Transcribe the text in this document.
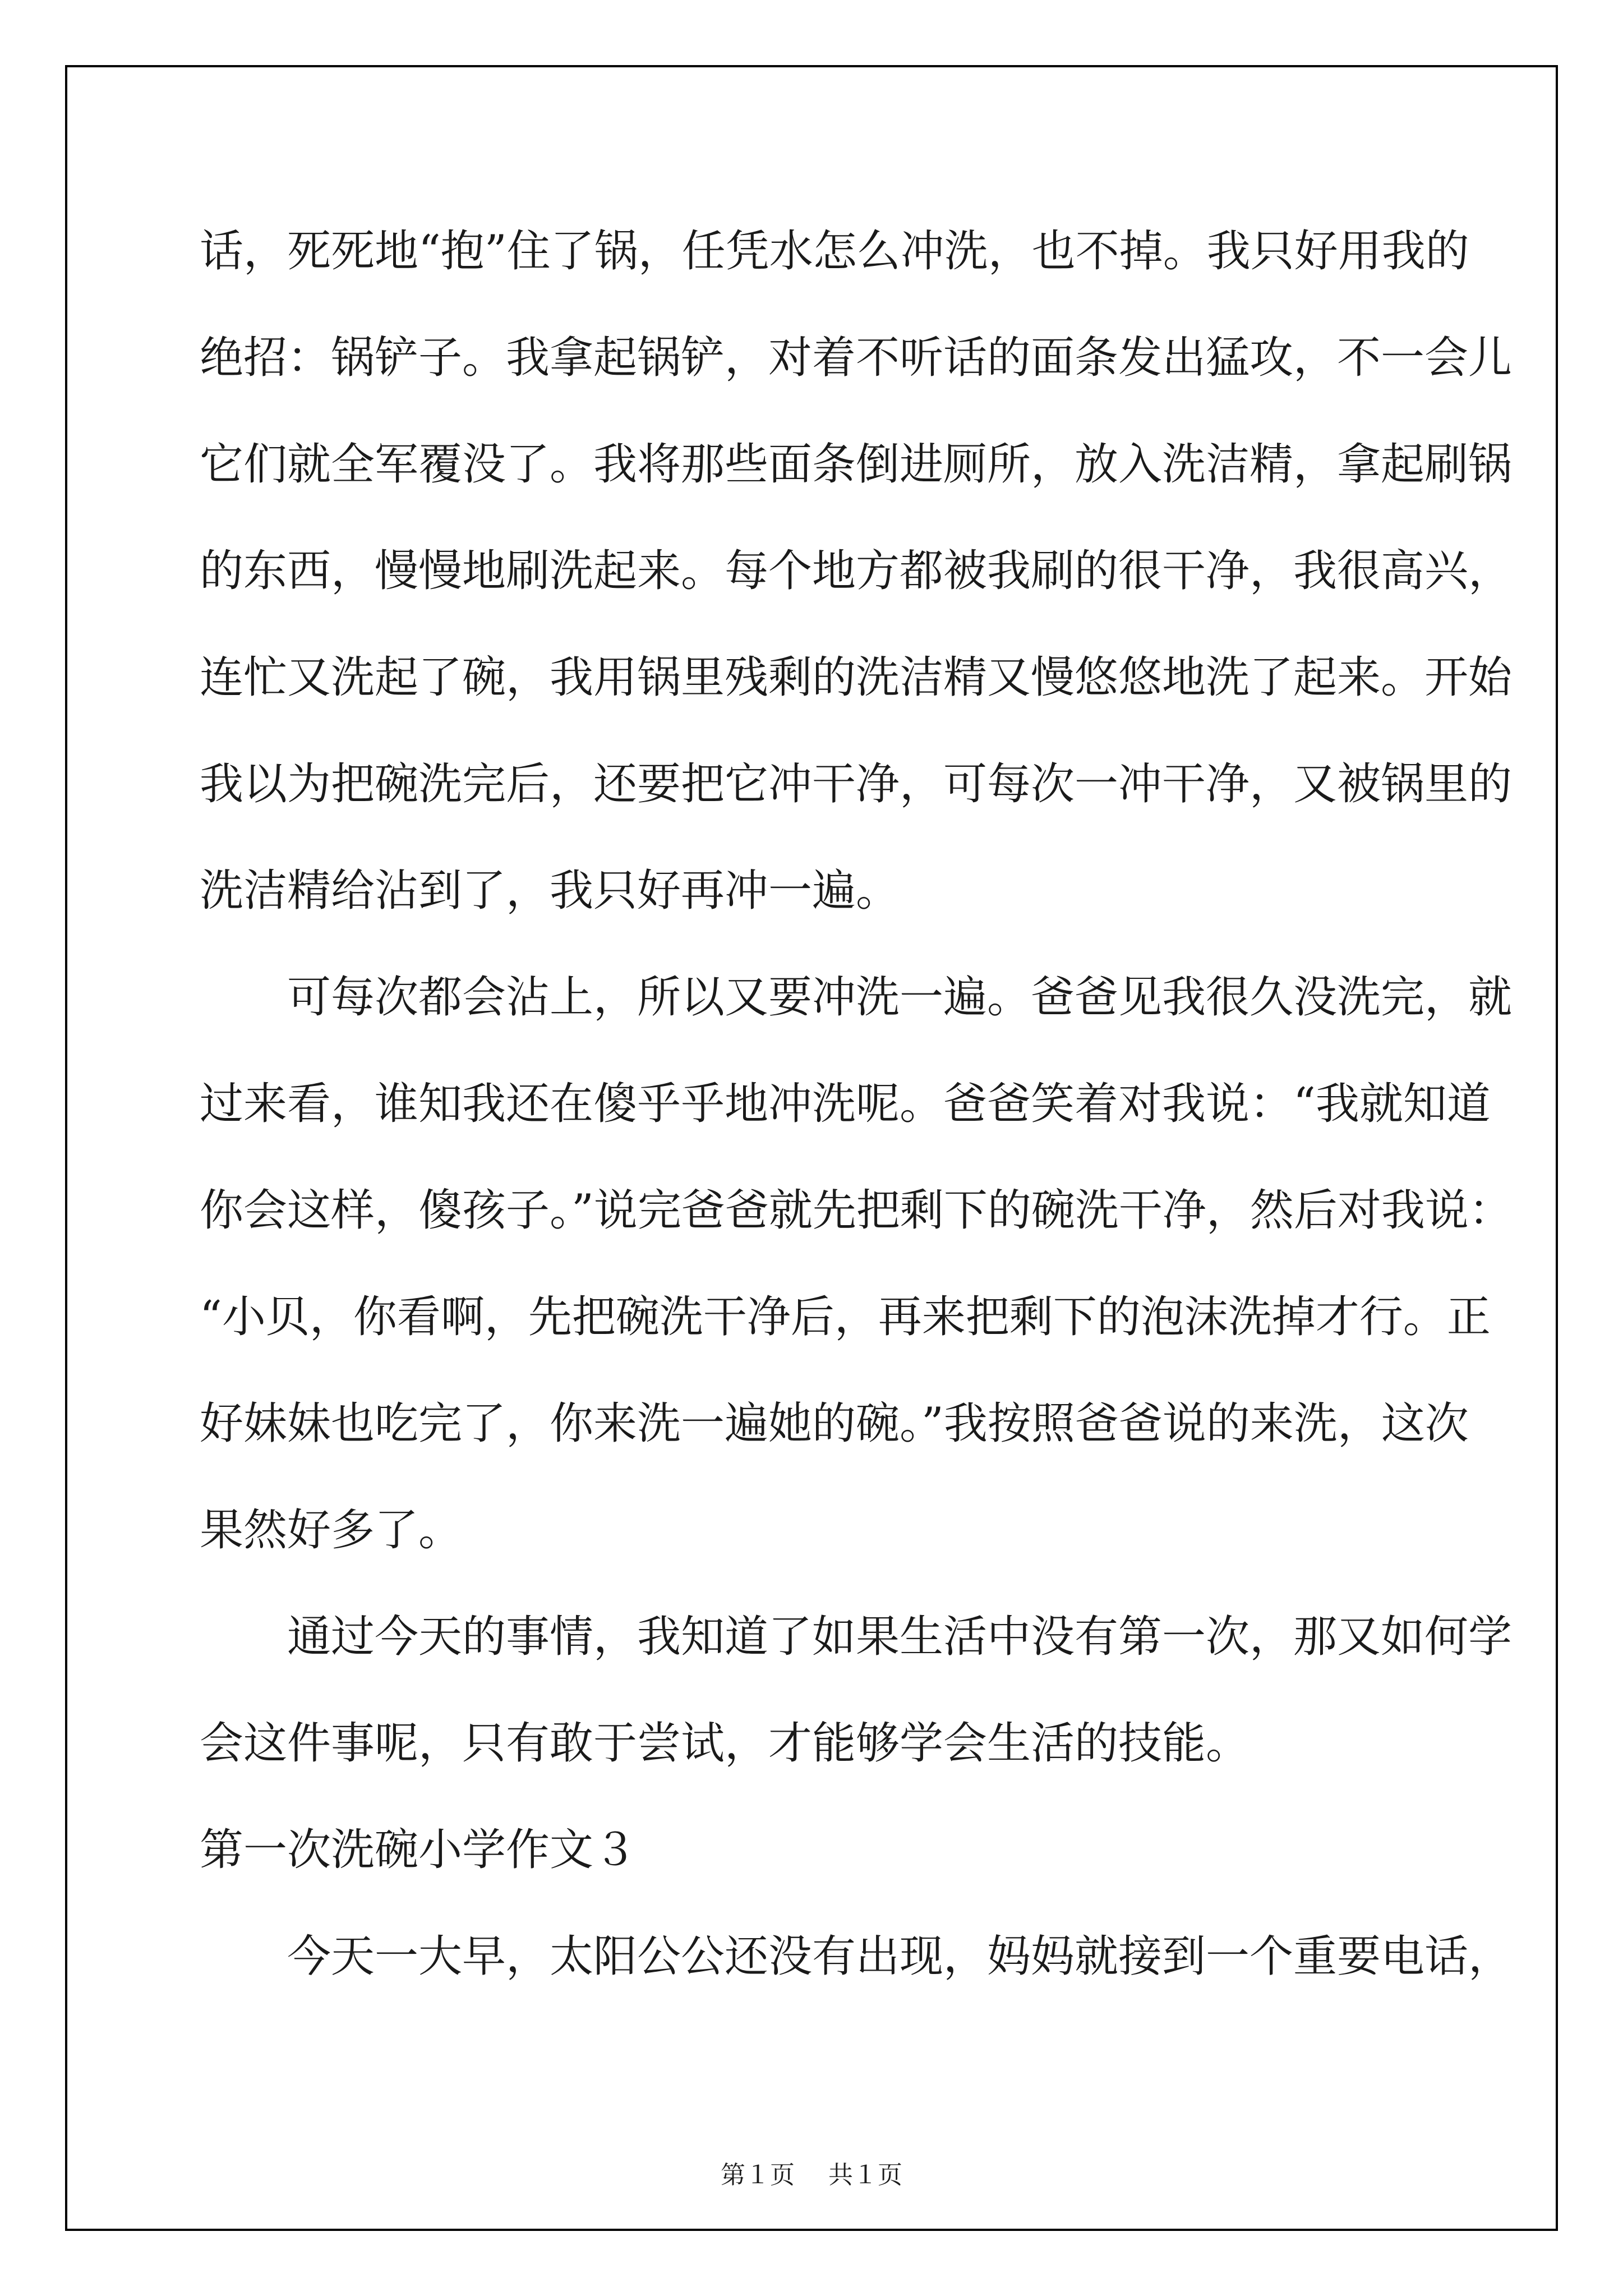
话，死死地“抱”住了锅，任凭水怎么冲洗，也不掉。我只好用我的
绝招：锅铲子。我拿起锅铲，对着不听话的面条发出猛攻，不一会儿
它们就全军覆没了。我将那些面条倒进厕所，放入洗洁精，拿起刷锅
的东西，慢慢地刷洗起来。每个地方都被我刷的很干净，我很高兴，
连忙又洗起了碗，我用锅里残剩的洗洁精又慢悠悠地洗了起来。开始
我以为把碗洗完后，还要把它冲干净，可每次一冲干净，又被锅里的
洗洁精给沾到了，我只好再冲一遍。
　　可每次都会沾上，所以又要冲洗一遍。爸爸见我很久没洗完，就
过来看，谁知我还在傻乎乎地冲洗呢。爸爸笑着对我说：“我就知道
你会这样，傻孩子。”说完爸爸就先把剩下的碗洗干净，然后对我说：
“小贝，你看啊，先把碗洗干净后，再来把剩下的泡沫洗掉才行。正
好妹妹也吃完了，你来洗一遍她的碗。”我按照爸爸说的来洗，这次
果然好多了。
　　通过今天的事情，我知道了如果生活中没有第一次，那又如何学
会这件事呢，只有敢于尝试，才能够学会生活的技能。
第一次洗碗小学作文３
　　今天一大早，太阳公公还没有出现，妈妈就接到一个重要电话，
第１页 共１页
